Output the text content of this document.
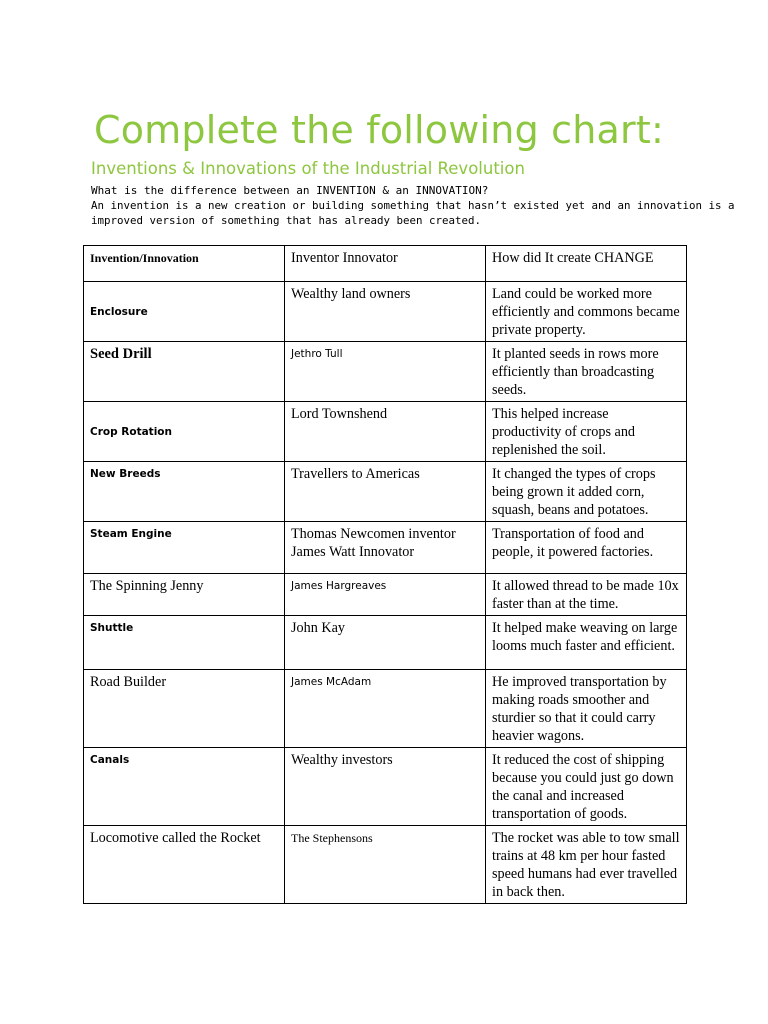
Complete the following chart:
Inventions & Innovations of the Industrial Revolution
What is the difference between an INVENTION & an INNOVATION?
An invention is a new creation or building something that hasn’t existed yet and an innovation is a
improved version of something that has already been created.
Invention/Innovation	Inventor Innovator	How did It create CHANGE
Enclosure	Wealthy land owners	Land could be worked more efficiently and commons became private property.
Seed Drill	Jethro Tull	It planted seeds in rows more efficiently than broadcasting seeds.
Crop Rotation	Lord Townshend	This helped increase productivity of crops and replenished the soil.
New Breeds	Travellers to Americas	It changed the types of crops being grown it added corn, squash, beans and potatoes.
Steam Engine	Thomas Newcomen inventor James Watt Innovator	Transportation of food and people, it powered factories.
The Spinning Jenny	James Hargreaves	It allowed thread to be made 10x faster than at the time.
Shuttle	John Kay	It helped make weaving on large looms much faster and efficient.
Road Builder	James McAdam	He improved transportation by making roads smoother and sturdier so that it could carry heavier wagons.
Canals	Wealthy investors	It reduced the cost of shipping because you could just go down the canal and increased transportation of goods.
Locomotive called the Rocket	The Stephensons	The rocket was able to tow small trains at 48 km per hour fasted speed humans had ever travelled in back then.
